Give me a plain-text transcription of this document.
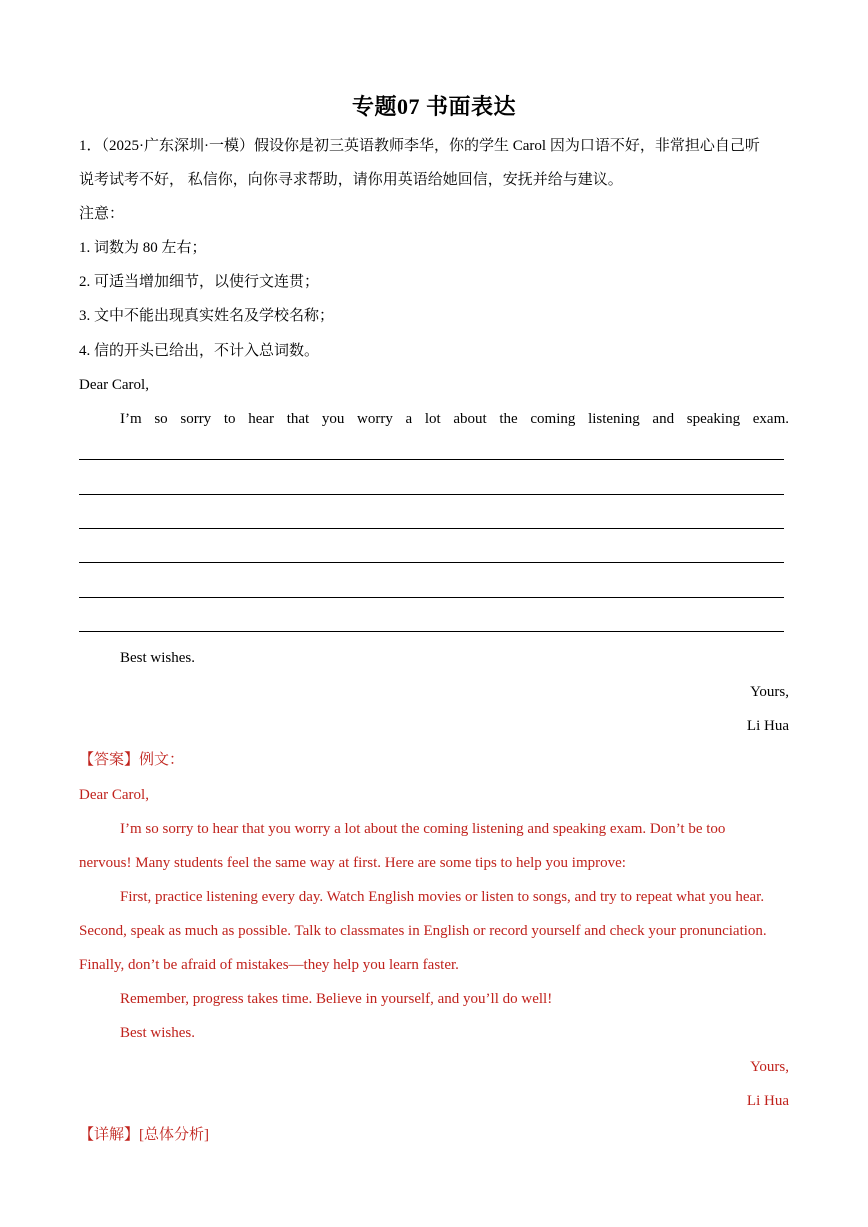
专题07 书面表达
1．（2025·广东深圳·一模）假设你是初三英语教师李华，你的学生 Carol 因为口语不好，非常担心自己听
说考试考不好， 私信你，向你寻求帮助，请你用英语给她回信，安抚并给与建议。
注意：
1. 词数为 80 左右；
2. 可适当增加细节，以使行文连贯；
3. 文中不能出现真实姓名及学校名称；
4. 信的开头已给出，不计入总词数。
Dear Carol,
I’m so sorry to hear that you worry a lot about the coming listening and speaking exam.
Best wishes.
Yours,
Li Hua
【答案】例文：
Dear Carol,
I’m so sorry to hear that you worry a lot about the coming listening and speaking exam. Don’t be too
nervous! Many students feel the same way at first. Here are some tips to help you improve:
First, practice listening every day. Watch English movies or listen to songs, and try to repeat what you hear.
Second, speak as much as possible. Talk to classmates in English or record yourself and check your pronunciation.
Finally, don’t be afraid of mistakes—they help you learn faster.
Remember, progress takes time. Believe in yourself, and you’ll do well!
Best wishes.
Yours,
Li Hua
【详解】[总体分析]
